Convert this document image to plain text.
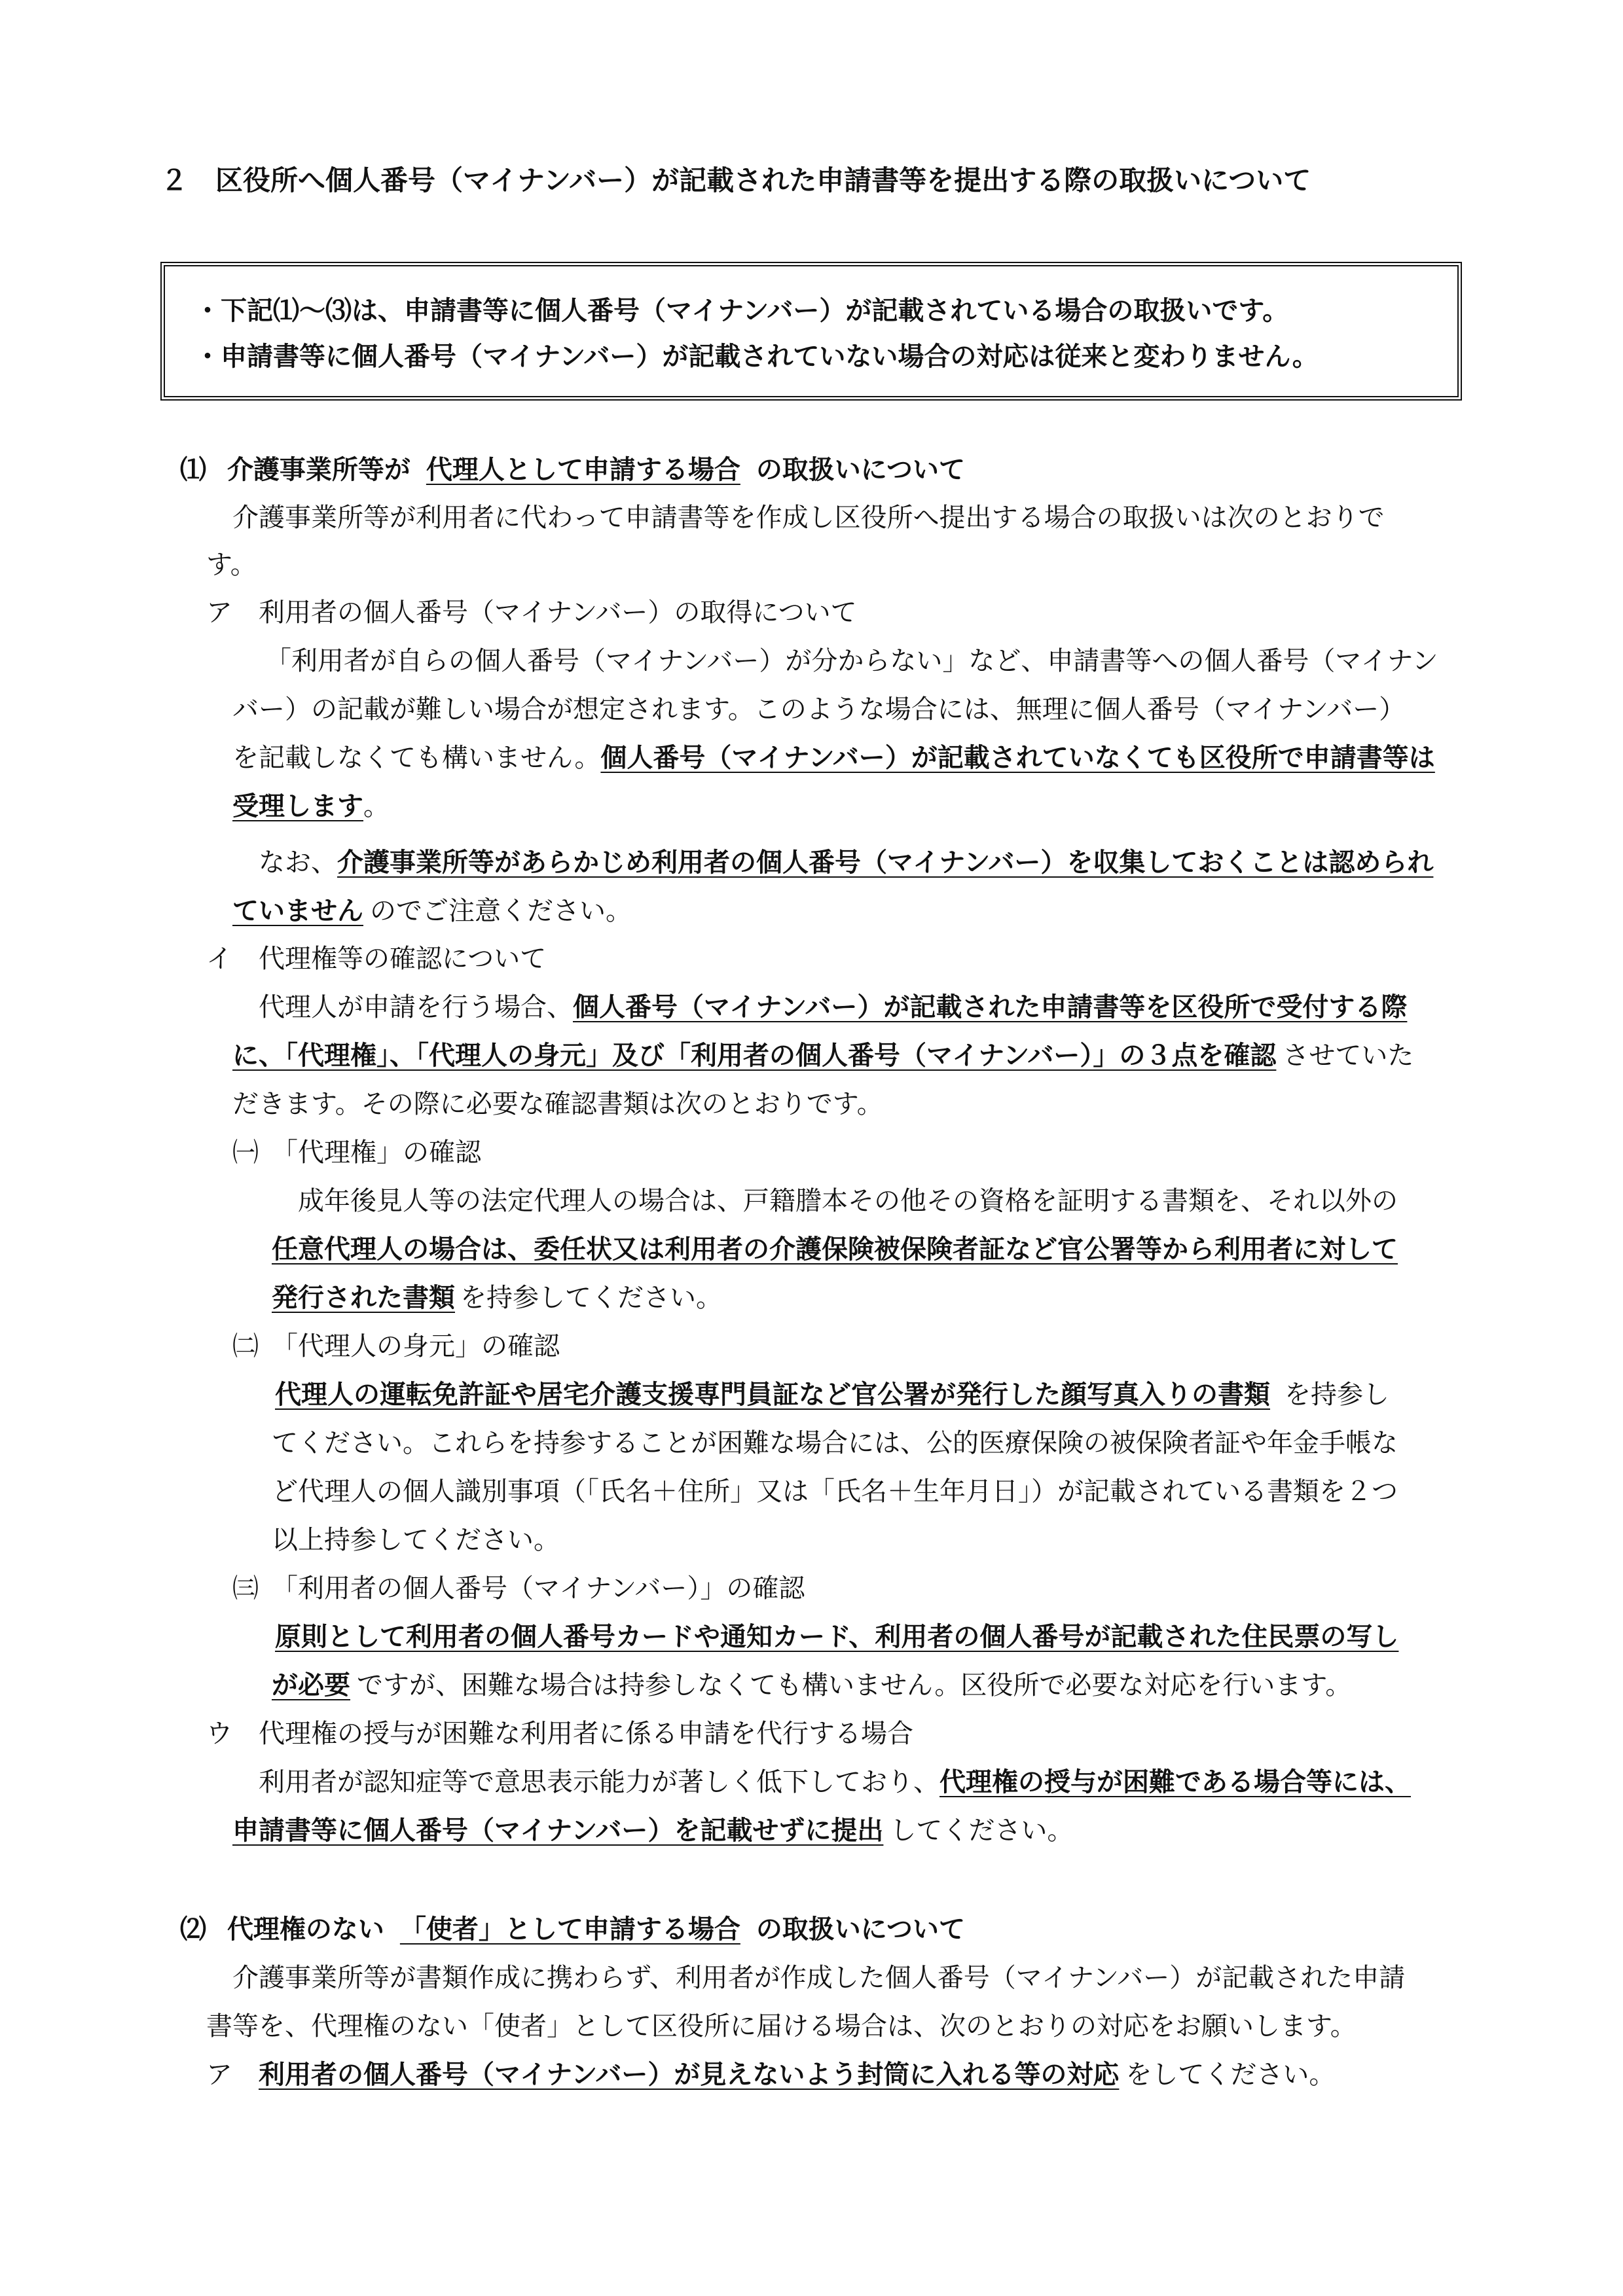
２　区役所へ個人番号（マイナンバー）が記載された申請書等を提出する際の取扱いについて
・下記⑴～⑶は、申請書等に個人番号（マイナンバー）が記載されている場合の取扱いです。
・申請書等に個人番号（マイナンバー）が記載されていない場合の対応は従来と変わりません。
⑴ 介護事業所等が 代理人として申請する場合 の取扱いについて
介護事業所等が利用者に代わって申請書等を作成し区役所へ提出する場合の取扱いは次のとおりで
す。
ア　利用者の個人番号（マイナンバー）の取得について
「利用者が自らの個人番号（マイナンバー）が分からない」など、申請書等への個人番号（マイナン
バー）の記載が難しい場合が想定されます。このような場合には、無理に個人番号（マイナンバー）
を記載しなくても構いません。個人番号（マイナンバー）が記載されていなくても区役所で申請書等は
受理します。
なお、介護事業所等があらかじめ利用者の個人番号（マイナンバー）を収集しておくことは認められ
ていません のでご注意ください。
イ　代理権等の確認について
代理人が申請を行う場合、個人番号（マイナンバー）が記載された申請書等を区役所で受付する際
に、「代理権」、「代理人の身元」及び「利用者の個人番号（マイナンバー）」の３点を確認 させていた
だきます。その際に必要な確認書類は次のとおりです。
㈠　「代理権」の確認
成年後見人等の法定代理人の場合は、戸籍謄本その他その資格を証明する書類を、それ以外の
任意代理人の場合は、委任状又は利用者の介護保険被保険者証など官公署等から利用者に対して
発行された書類 を持参してください。
㈡　「代理人の身元」の確認
代理人の運転免許証や居宅介護支援専門員証など官公署が発行した顔写真入りの書類 を持参し
てください。これらを持参することが困難な場合には、公的医療保険の被保険者証や年金手帳な
ど代理人の個人識別事項（「氏名＋住所」又は「氏名＋生年月日」）が記載されている書類を２つ
以上持参してください。
㈢　「利用者の個人番号（マイナンバー）」の確認
原則として利用者の個人番号カードや通知カード、利用者の個人番号が記載された住民票の写し
が必要 ですが、困難な場合は持参しなくても構いません。区役所で必要な対応を行います。
ウ　代理権の授与が困難な利用者に係る申請を代行する場合
利用者が認知症等で意思表示能力が著しく低下しており、代理権の授与が困難である場合等には、
申請書等に個人番号（マイナンバー）を記載せずに提出 してください。
⑵ 代理権のない 「使者」として申請する場合 の取扱いについて
介護事業所等が書類作成に携わらず、利用者が作成した個人番号（マイナンバー）が記載された申請
書等を、代理権のない「使者」として区役所に届ける場合は、次のとおりの対応をお願いします。
ア 利用者の個人番号（マイナンバー）が見えないよう封筒に入れる等の対応 をしてください。
